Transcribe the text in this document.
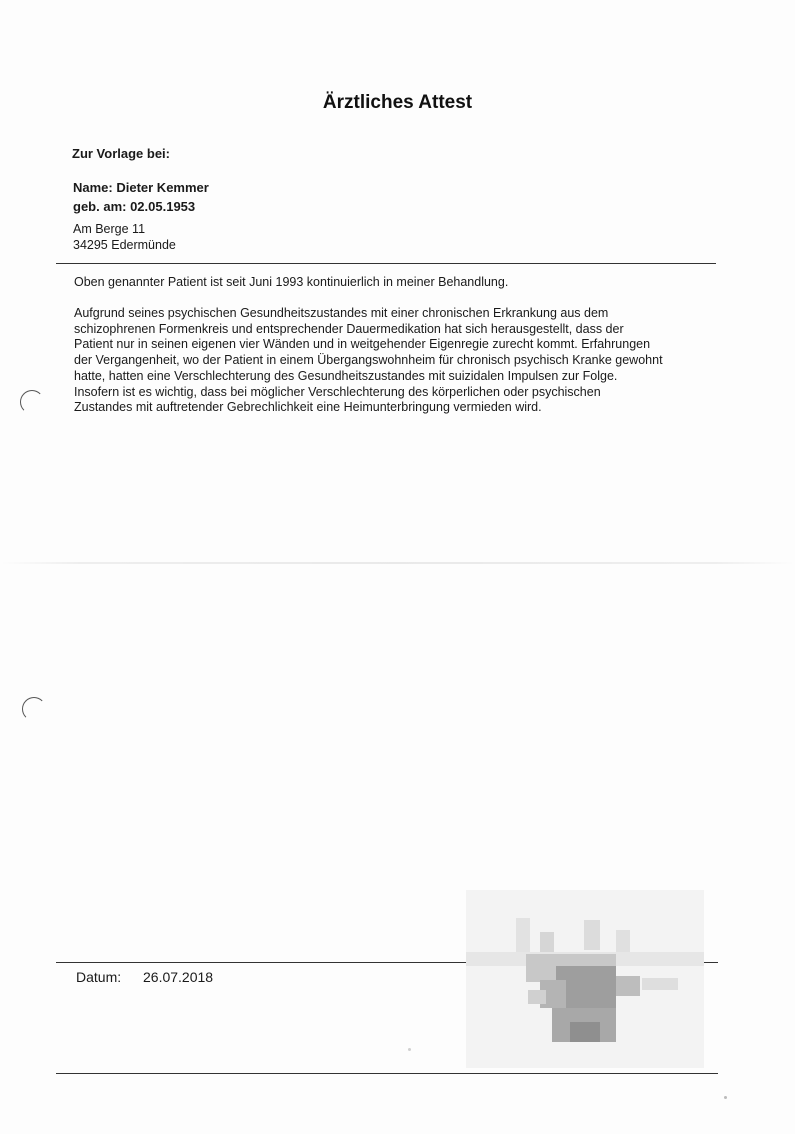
Ärztliches Attest
Zur Vorlage bei:
Name: Dieter Kemmer
geb. am: 02.05.1953
Am Berge 11
34295 Edermünde
Oben genannter Patient ist seit Juni 1993 kontinuierlich in meiner Behandlung.
Aufgrund seines psychischen Gesundheitszustandes mit einer chronischen Erkrankung aus dem
schizophrenen Formenkreis und entsprechender Dauermedikation hat sich herausgestellt, dass der
Patient nur in seinen eigenen vier Wänden und in weitgehender Eigenregie zurecht kommt. Erfahrungen
der Vergangenheit, wo der Patient in einem Übergangswohnheim für chronisch psychisch Kranke gewohnt
hatte, hatten eine Verschlechterung des Gesundheitszustandes mit suizidalen Impulsen zur Folge.
Insofern ist es wichtig, dass bei möglicher Verschlechterung des körperlichen oder psychischen
Zustandes mit auftretender Gebrechlichkeit eine Heimunterbringung vermieden wird.
Datum: 26.07.2018
